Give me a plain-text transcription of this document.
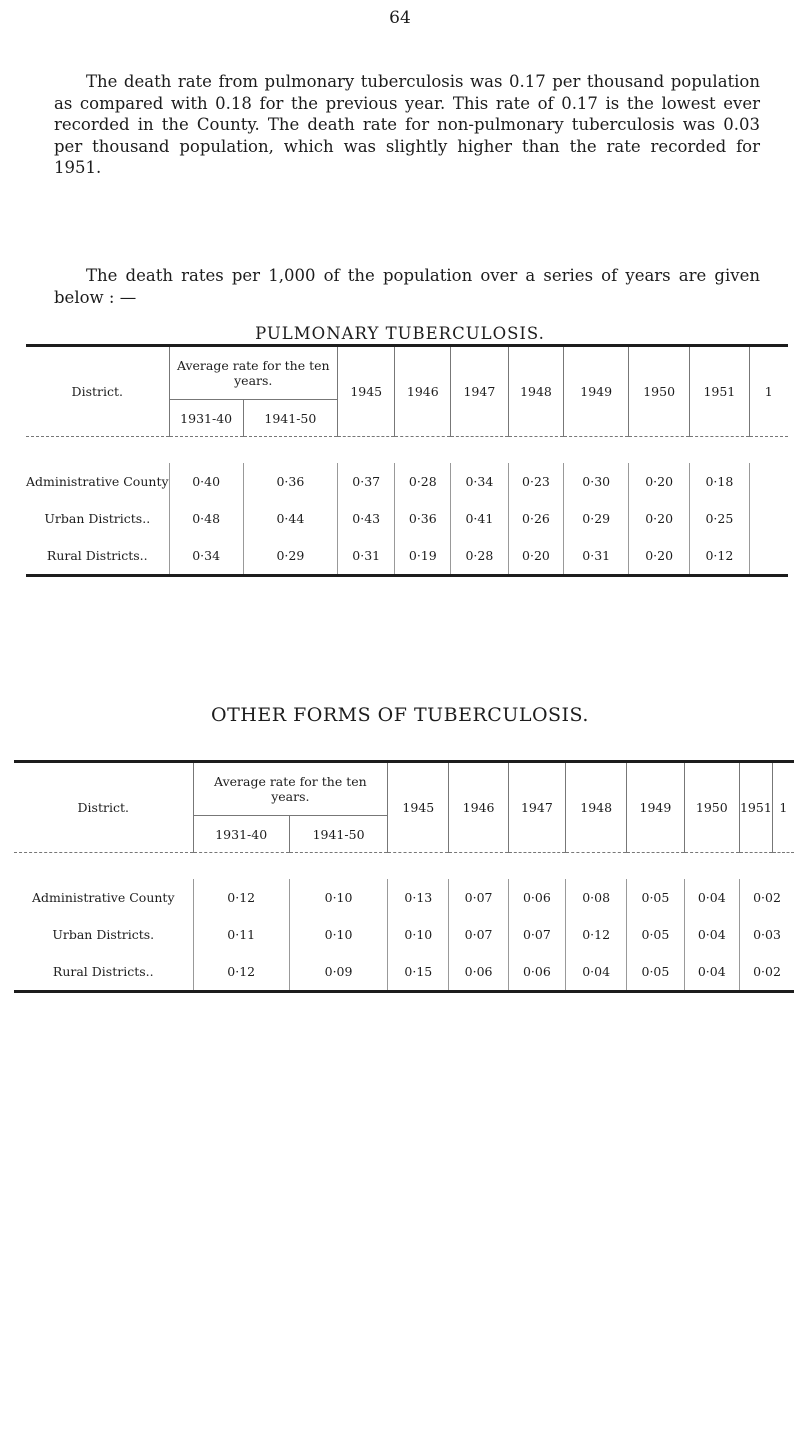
64

The death rate from pulmonary tuberculosis was 0.17 per thousand population as compared with 0.18 for the previous year. This rate of 0.17 is the lowest ever recorded in the County. The death rate for non-pulmonary tuberculosis was 0.03 per thousand population, which was slightly higher than the rate recorded for 1951.

The death rates per 1,000 of the population over a series of years are given below : —

PULMONARY TUBERCULOSIS.
District.	Average rate for the ten years.		1945	1946	1947	1948	1949	1950	1951	1
	1931-40	1941-50								

Administrative County	0·40	0·36	0·37	0·28	0·34	0·23	0·30	0·20	0·18	
Urban Districts..	0·48	0·44	0·43	0·36	0·41	0·26	0·29	0·20	0·25	
Rural Districts..	0·34	0·29	0·31	0·19	0·28	0·20	0·31	0·20	0·12	
OTHER FORMS OF TUBERCULOSIS.
District.	Average rate for the ten years.		1945	1946	1947	1948	1949	1950	1951	1
	1931-40	1941-50								

Administrative County	0·12	0·10	0·13	0·07	0·06	0·08	0·05	0·04	0·02	
Urban Districts.	0·11	0·10	0·10	0·07	0·07	0·12	0·05	0·04	0·03	
Rural Districts..	0·12	0·09	0·15	0·06	0·06	0·04	0·05	0·04	0·02	
